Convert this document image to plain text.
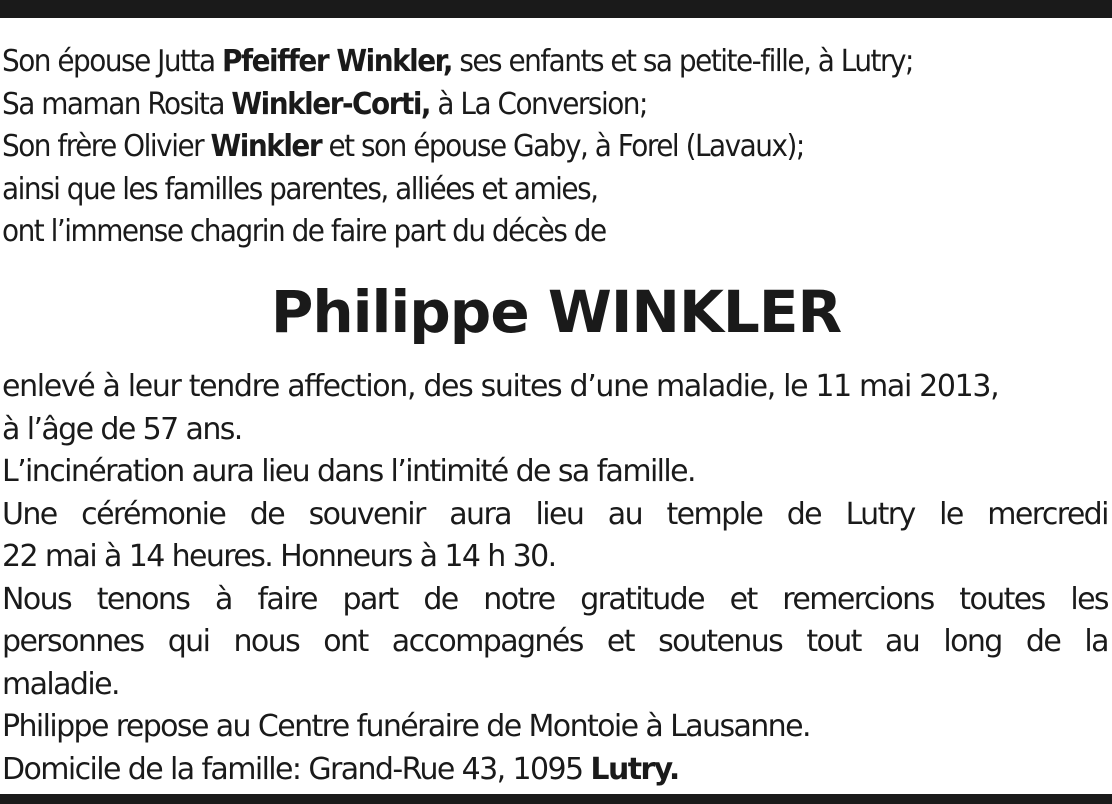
Son épouse Jutta Pfeiffer Winkler, ses enfants et sa petite-fille, à Lutry;
Sa maman Rosita Winkler-Corti, à La Conversion;
Son frère Olivier Winkler et son épouse Gaby, à Forel (Lavaux);
ainsi que les familles parentes, alliées et amies,
ont l’immense chagrin de faire part du décès de
Philippe WINKLER
enlevé à leur tendre affection, des suites d’une maladie, le 11 mai 2013,
à l’âge de 57 ans.
L’incinération aura lieu dans l’intimité de sa famille.
Une cérémonie de souvenir aura lieu au temple de Lutry le mercredi
22 mai à 14 heures. Honneurs à 14 h 30.
Nous tenons à faire part de notre gratitude et remercions toutes les
personnes qui nous ont accompagnés et soutenus tout au long de la
maladie.
Philippe repose au Centre funéraire de Montoie à Lausanne.
Domicile de la famille: Grand-Rue 43, 1095 Lutry.
